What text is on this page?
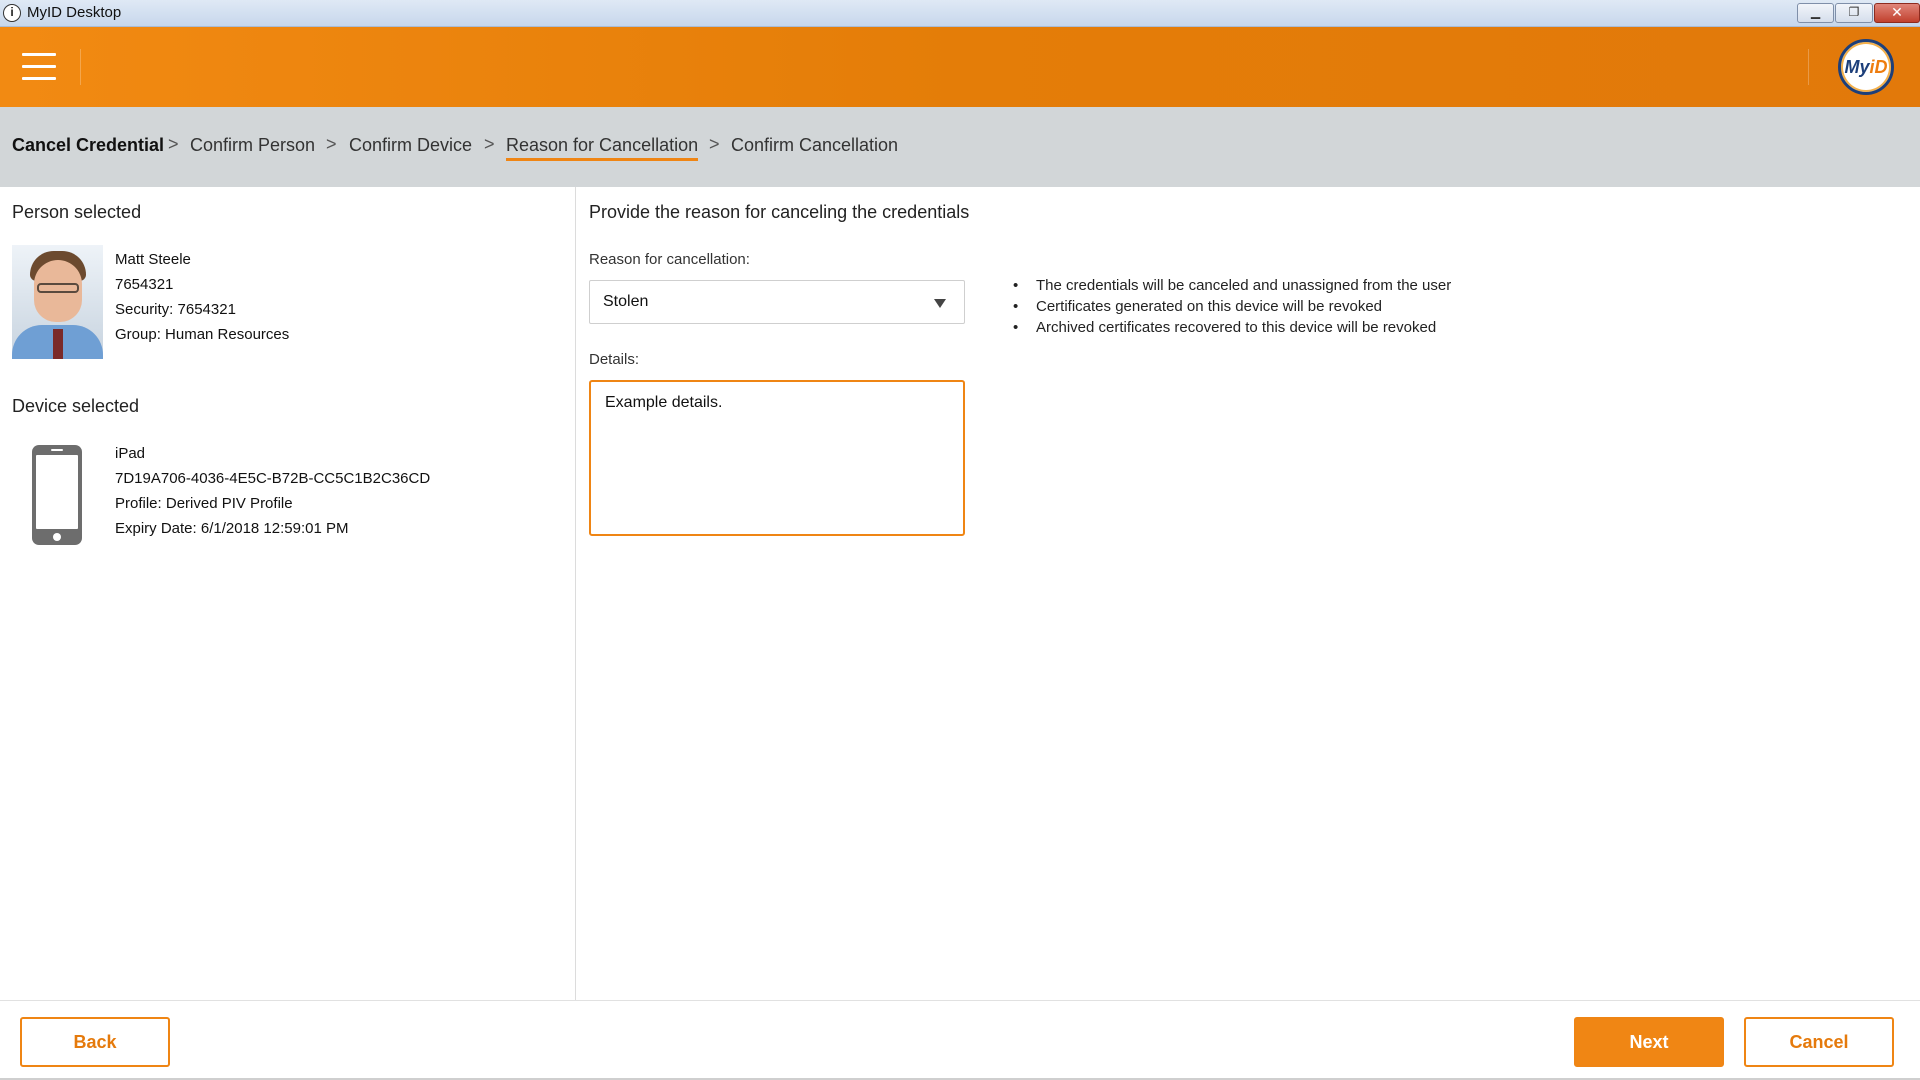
i MyID Desktop	▁	❐	✕
MyiD
Cancel Credential > Confirm Person > Confirm Device > Reason for Cancellation > Confirm Cancellation
Person selected
Matt Steele
7654321
Security: 7654321
Group: Human Resources
Device selected
iPad
7D19A706-4036-4E5C-B72B-CC5C1B2C36CD
Profile: Derived PIV Profile
Expiry Date: 6/1/2018 12:59:01 PM
Provide the reason for canceling the credentials
Reason for cancellation:
Stolen
Details:
Example details.
• The credentials will be canceled and unassigned from the user
• Certificates generated on this device will be revoked
• Archived certificates recovered to this device will be revoked
Back	Next	Cancel
